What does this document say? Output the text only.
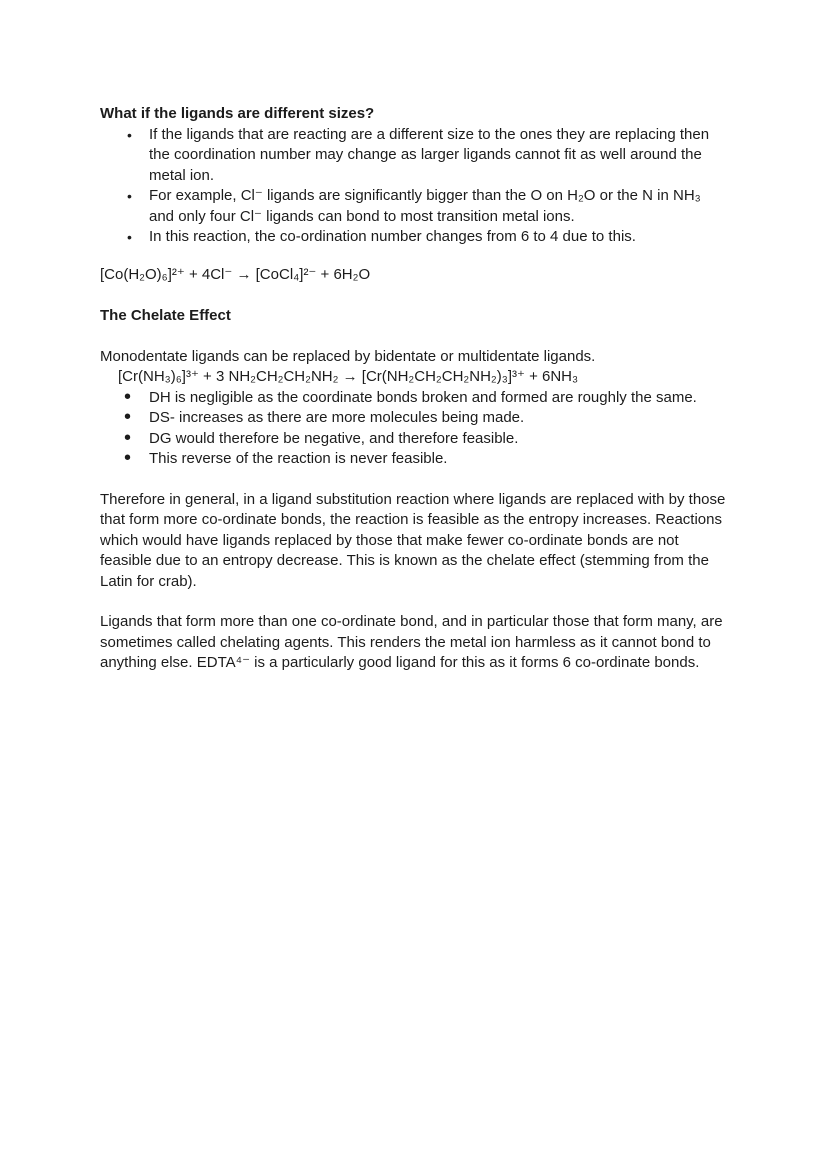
What if the ligands are different sizes?
• If the ligands that are reacting are a different size to the ones they are replacing then the coordination number may change as larger ligands cannot fit as well around the metal ion.
• For example, Cl⁻ ligands are significantly bigger than the O on H₂O or the N in NH₃ and only four Cl⁻ ligands can bond to most transition metal ions.
• In this reaction, the co-ordination number changes from 6 to 4 due to this.

[Co(H₂O)₆]²⁺ + 4Cl⁻ → [CoCl₄]²⁻ + 6H₂O

The Chelate Effect

Monodentate ligands can be replaced by bidentate or multidentate ligands.

[Cr(NH₃)₆]³⁺ + 3 NH₂CH₂CH₂NH₂ → [Cr(NH₂CH₂CH₂NH₂)₃]³⁺ + 6NH₃

• DH is negligible as the coordinate bonds broken and formed are roughly the same.
• DS- increases as there are more molecules being made.
• DG would therefore be negative, and therefore feasible.
• This reverse of the reaction is never feasible.

Therefore in general, in a ligand substitution reaction where ligands are replaced with by those that form more co-ordinate bonds, the reaction is feasible as the entropy increases. Reactions which would have ligands replaced by those that make fewer co-ordinate bonds are not feasible due to an entropy decrease. This is known as the chelate effect (stemming from the Latin for crab).

Ligands that form more than one co-ordinate bond, and in particular those that form many, are sometimes called chelating agents. This renders the metal ion harmless as it cannot bond to anything else. EDTA⁴⁻ is a particularly good ligand for this as it forms 6 co-ordinate bonds.
